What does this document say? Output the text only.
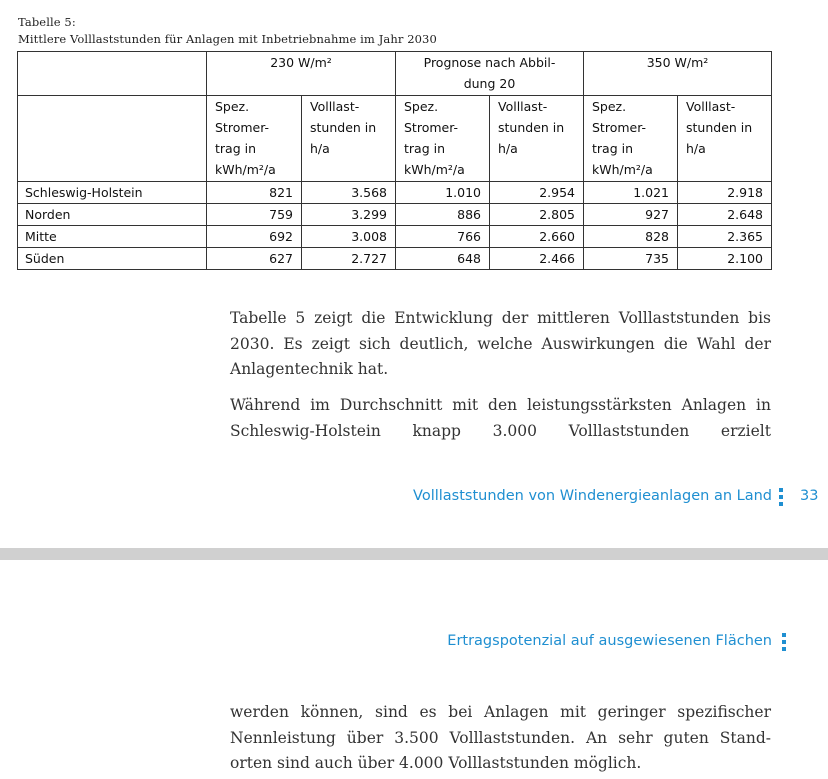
Tabelle 5:
Mittlere Volllaststunden für Anlagen mit Inbetriebnahme im Jahr 2030
	230 W/m²		Prognose nach Abbil-
dung 20		350 W/m²	
	Spez.
Stromer-
trag in
kWh/m²/a	Volllast-
stunden in
h/a	Spez.
Stromer-
trag in
kWh/m²/a	Volllast-
stunden in
h/a	Spez.
Stromer-
trag in
kWh/m²/a	Volllast-
stunden in
h/a
Schleswig-Holstein	821	3.568	1.010	2.954	1.021	2.918
Norden	759	3.299	886	2.805	927	2.648
Mitte	692	3.008	766	2.660	828	2.365
Süden	627	2.727	648	2.466	735	2.100

Tabelle 5 zeigt die Entwicklung der mittleren Volllaststunden bis 2030. Es zeigt sich deutlich, welche Auswirkungen die Wahl der Anlagentechnik hat.

Während im Durchschnitt mit den leistungsstärksten Anlagen in Schleswig-Holstein knapp 3.000 Volllaststunden erzielt

Volllaststunden von Windenergieanlagen an Land 33
Ertragspotenzial auf ausgewiesenen Flächen

werden können, sind es bei Anlagen mit geringer spezifischer Nennleistung über 3.500 Volllaststunden. An sehr guten Stand-orten sind auch über 4.000 Volllaststunden möglich.
